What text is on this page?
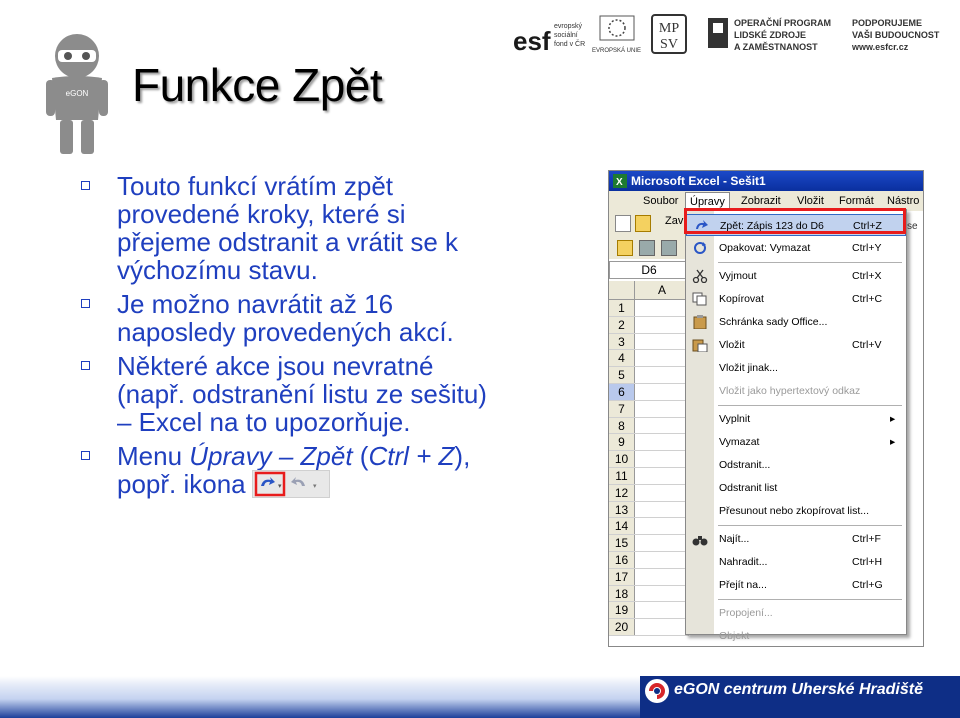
eGON Funkce Zpět
esf evropský
sociální
fond v ČR
EVROPSKÁ UNIE
MP
SV
OPERAČNÍ PROGRAM
LIDSKÉ ZDROJE
A ZAMĚSTNANOST
PODPORUJEME
VAŠI BUDOUCNOST
www.esfcr.cz
Touto funkcí vrátím zpět
provedené kroky, které si
přejeme odstranit a vrátit se k
výchozímu stavu.
Je možno navrátit až 16
naposledy provedených akcí.
Některé akce jsou nevratné
(např. odstranění listu ze sešitu)
– Excel na to upozorňuje.
Menu Úpravy – Zpět (Ctrl + Z),
popř. ikona	▾	▾
X Microsoft Excel - Sešit1
Soubor	Úpravy	Zobrazit	Vložit	Formát	Nástro
Zav
D6
A
1
2
3
4
5
6
7
8
9
10
11
12
13
14
15
16
17
18
19
20
Zpět: Zápis 123 do D6	Ctrl+Z
Opakovat: Vymazat	Ctrl+Y
Vyjmout	Ctrl+X
Kopírovat	Ctrl+C
Schránka sady Office...
Vložit	Ctrl+V
Vložit jinak...
Vložit jako hypertextový odkaz
Vyplnit	▸
Vymazat	▸
Odstranit...
Odstranit list
Přesunout nebo zkopírovat list...
Najít...	Ctrl+F
Nahradit...	Ctrl+H
Přejít na...	Ctrl+G
Propojení...
Objekt
se
eGON centrum Uherské Hradiště
